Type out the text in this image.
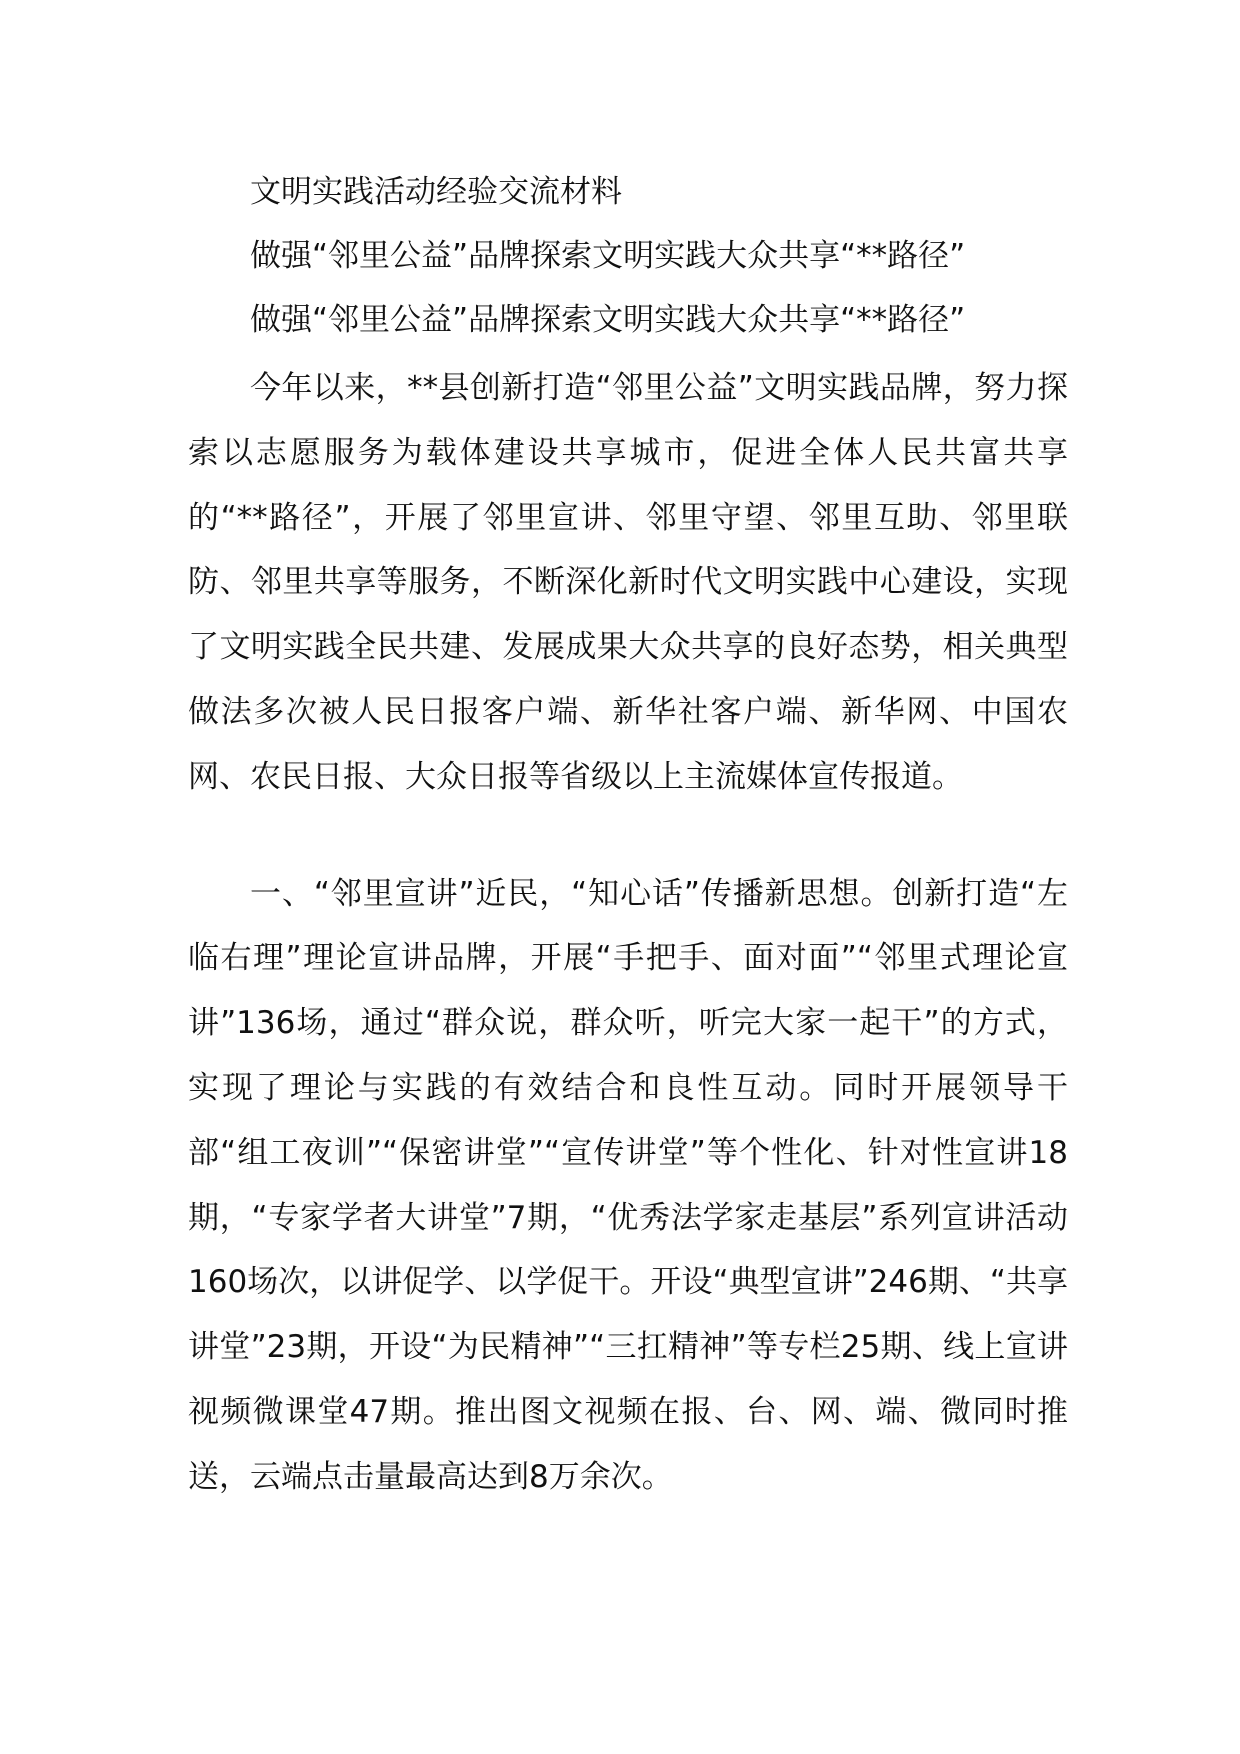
文明实践活动经验交流材料

做强“邻里公益”品牌探索文明实践大众共享“**路径”

做强“邻里公益”品牌探索文明实践大众共享“**路径”

今年以来，**县创新打造“邻里公益”文明实践品牌，努力探索以志愿服务为载体建设共享城市，促进全体人民共富共享的“**路径”，开展了邻里宣讲、邻里守望、邻里互助、邻里联防、邻里共享等服务，不断深化新时代文明实践中心建设，实现了文明实践全民共建、发展成果大众共享的良好态势，相关典型做法多次被人民日报客户端、新华社客户端、新华网、中国农网、农民日报、大众日报等省级以上主流媒体宣传报道。

一、“邻里宣讲”近民，“知心话”传播新思想。创新打造“左临右理”理论宣讲品牌，开展“手把手、面对面”“邻里式理论宣讲”136场，通过“群众说，群众听，听完大家一起干”的方式，实现了理论与实践的有效结合和良性互动。同时开展领导干部“组工夜训”“保密讲堂”“宣传讲堂”等个性化、针对性宣讲18期，“专家学者大讲堂”7期，“优秀法学家走基层”系列宣讲活动160场次，以讲促学、以学促干。开设“典型宣讲”246期、“共享讲堂”23期，开设“为民精神”“三扛精神”等专栏25期、线上宣讲视频微课堂47期。推出图文视频在报、台、网、端、微同时推送，云端点击量最高达到8万余次。
